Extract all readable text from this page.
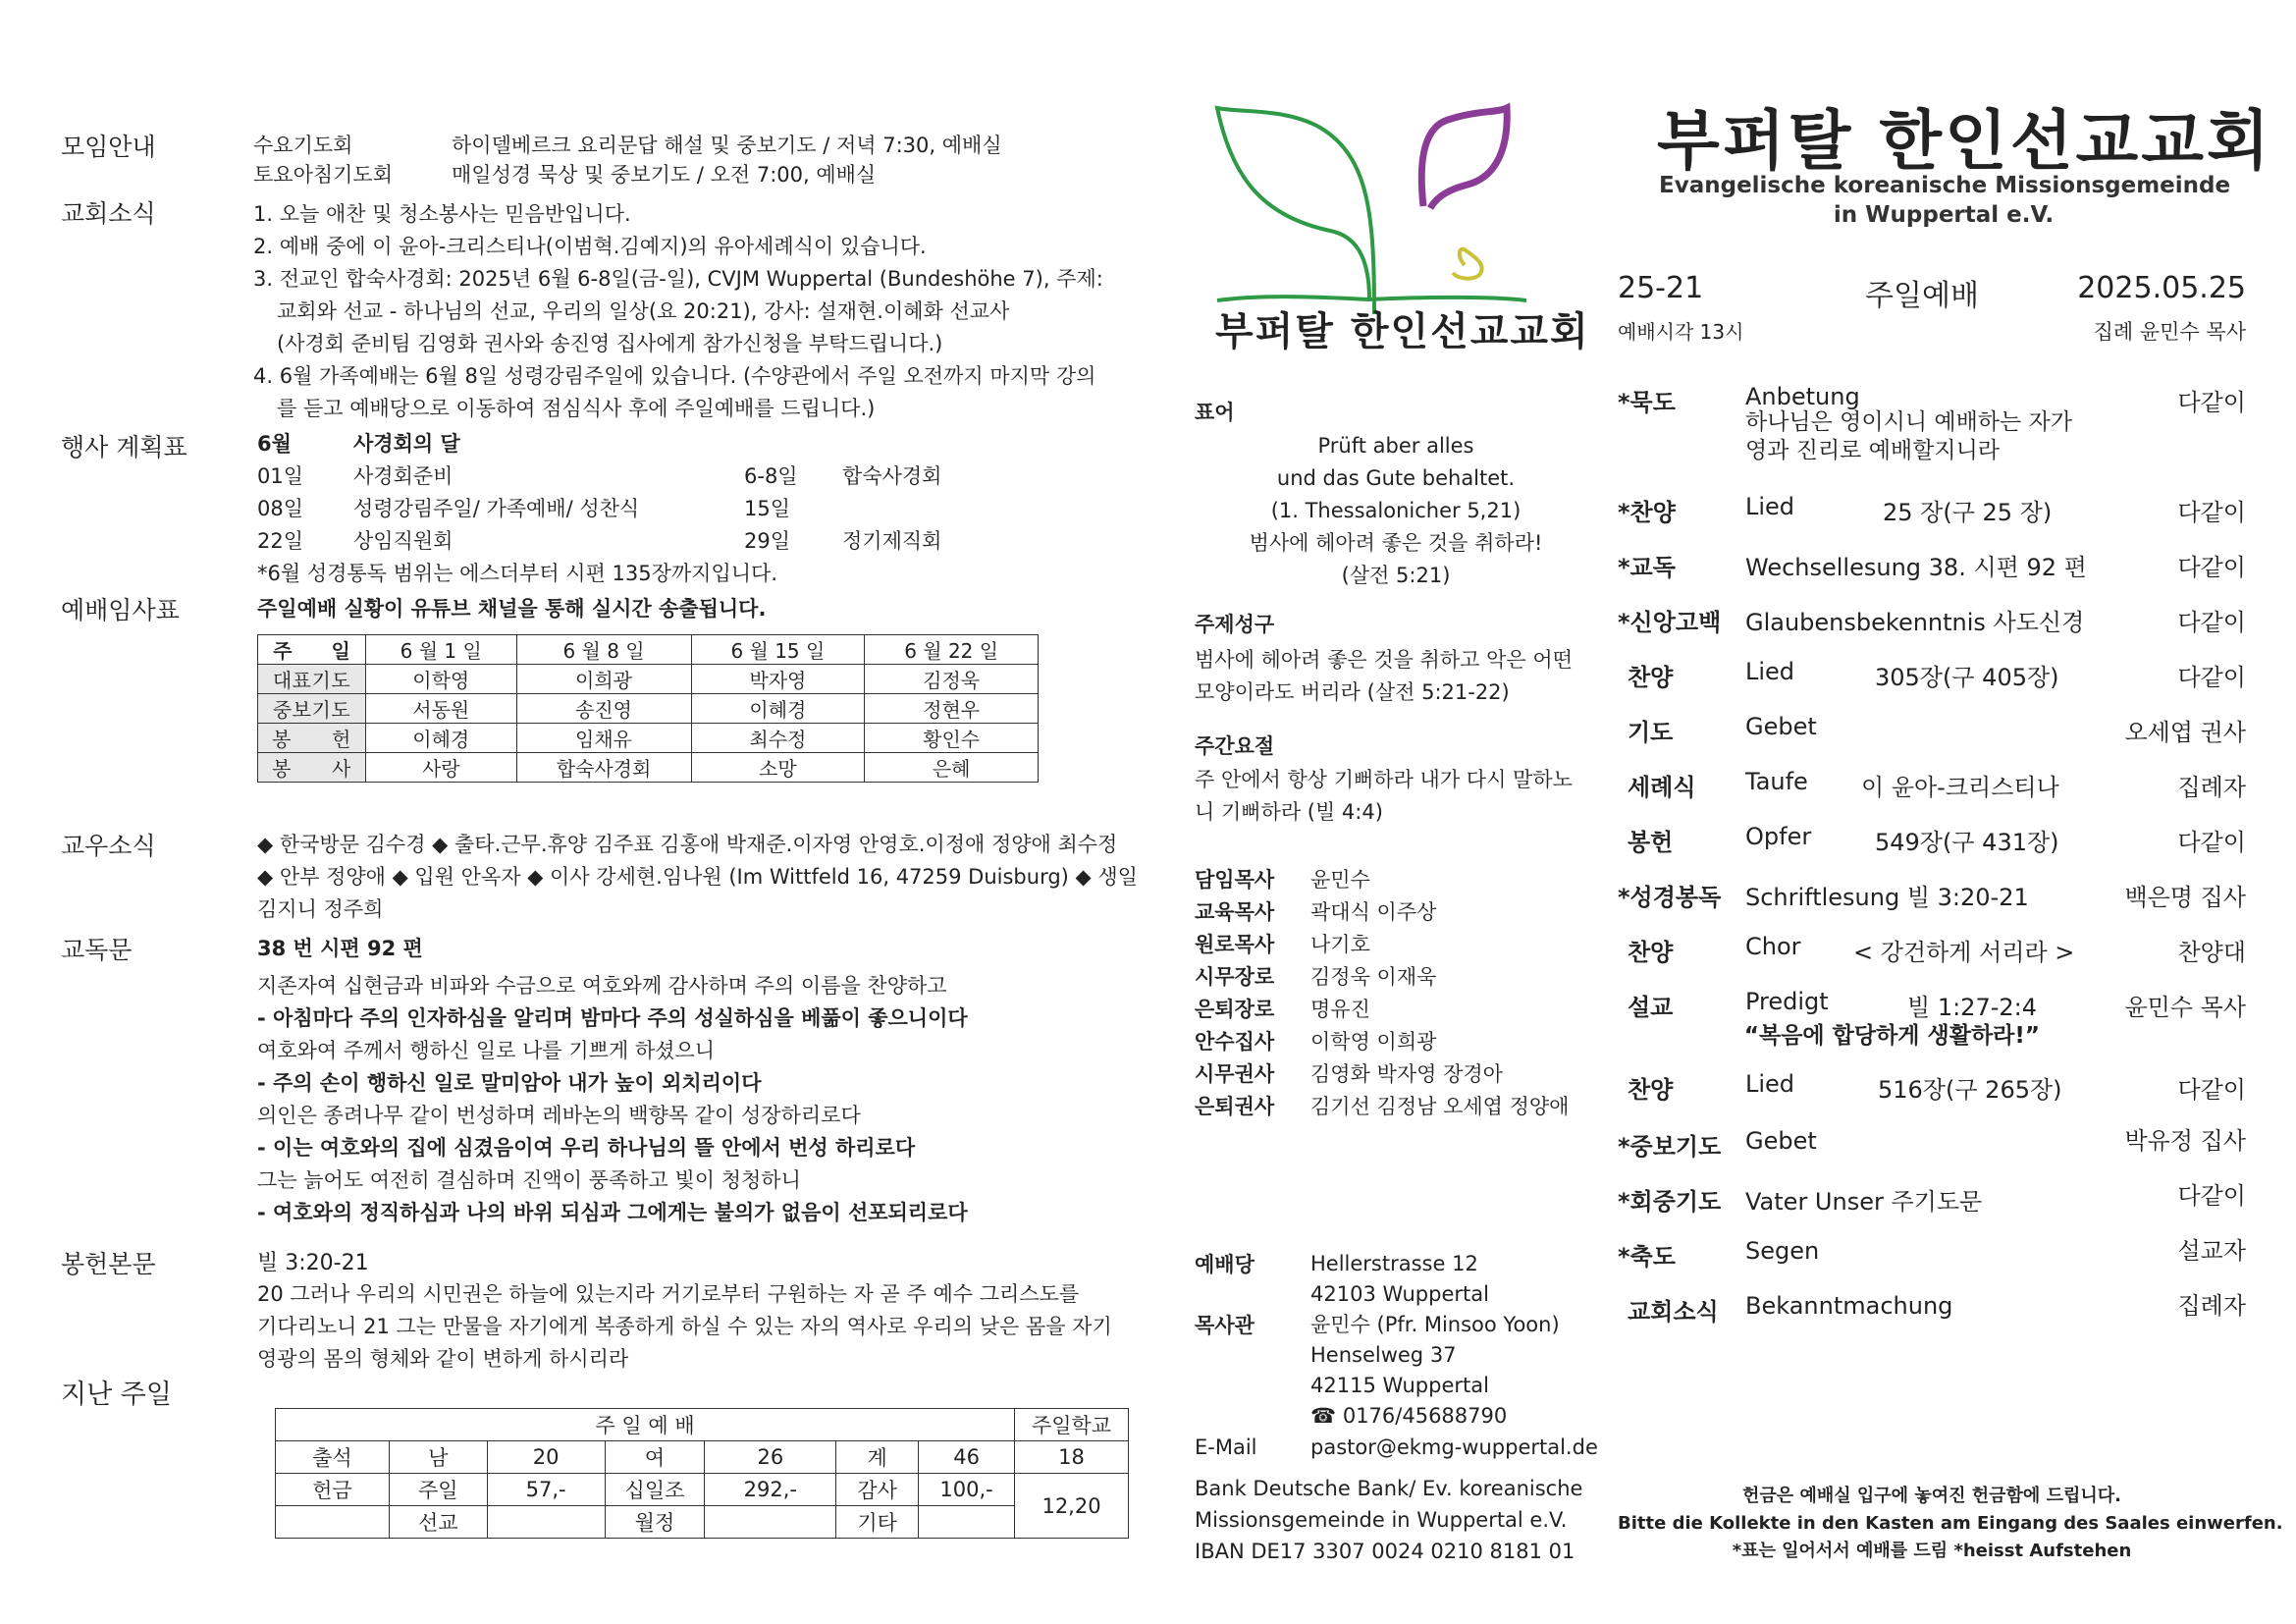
모임안내	수요기도회	하이델베르크 요리문답 해설 및 중보기도 / 저녁 7:30, 예배실
토요아침기도회	매일성경 묵상 및 중보기도 / 오전 7:00, 예배실
교회소식	1. 오늘 애찬 및 청소봉사는 믿음반입니다.
2. 예배 중에 이 윤아-크리스티나(이범혁.김예지)의 유아세례식이 있습니다.
3. 전교인 합숙사경회: 2025년 6월 6-8일(금-일), CVJM Wuppertal (Bundeshöhe 7), 주제:
교회와 선교 - 하나님의 선교, 우리의 일상(요 20:21), 강사: 설재현.이혜화 선교사
(사경회 준비팀 김영화 권사와 송진영 집사에게 참가신청을 부탁드립니다.)
4. 6월 가족예배는 6월 8일 성령강림주일에 있습니다. (수양관에서 주일 오전까지 마지막 강의
를 듣고 예배당으로 이동하여 점심식사 후에 주일예배를 드립니다.)
행사 계획표	6월	사경회의 달
01일 사경회준비	6-8일 합숙사경회
08일 성령강림주일/ 가족예배/ 성찬식	15일
22일 상임직원회	29일	정기제직회
*6월 성경통독 범위는 에스더부터 시편 135장까지입니다.
예배임사표	주일예배 실황이 유튜브 채널을 통해 실시간 송출됩니다.
주　　일	6 월 1 일	6 월 8 일	6 월 15 일	6 월 22 일
대표기도	이학영	이희광	박자영	김정욱
중보기도	서동원	송진영	이혜경	정현우
봉　　헌	이혜경	임채유	최수정	황인수
봉　　사	사랑	합숙사경회	소망	은혜
교우소식	◆ 한국방문 김수경 ◆ 출타.근무.휴양 김주표 김홍애 박재준.이자영 안영호.이정애 정양애 최수정
◆ 안부 정양애 ◆ 입원 안옥자 ◆ 이사 강세현.임나원 (Im Wittfeld 16, 47259 Duisburg) ◆ 생일
김지니 정주희
교독문	38 번 시편 92 편
지존자여 십현금과 비파와 수금으로 여호와께 감사하며 주의 이름을 찬양하고
- 아침마다 주의 인자하심을 알리며 밤마다 주의 성실하심을 베풂이 좋으니이다
여호와여 주께서 행하신 일로 나를 기쁘게 하셨으니
- 주의 손이 행하신 일로 말미암아 내가 높이 외치리이다
의인은 종려나무 같이 번성하며 레바논의 백향목 같이 성장하리로다
- 이는 여호와의 집에 심겼음이여 우리 하나님의 뜰 안에서 번성 하리로다
그는 늙어도 여전히 결심하며 진액이 풍족하고 빛이 청청하니
- 여호와의 정직하심과 나의 바위 되심과 그에게는 불의가 없음이 선포되리로다
봉헌본문	빌 3:20-21
20 그러나 우리의 시민권은 하늘에 있는지라 거기로부터 구원하는 자 곧 주 예수 그리스도를
기다리노니 21 그는 만물을 자기에게 복종하게 하실 수 있는 자의 역사로 우리의 낮은 몸을 자기
영광의 몸의 형체와 같이 변하게 하시리라
지난 주일
주 일 예 배							주일학교
출석	남	20	여	26	계	46	18
헌금	주일	57,-	십일조	292,-	감사	100,-	12,20
	선교		월정		기타		
부퍼탈 한인선교교회
표어
Prüft aber alles
und das Gute behaltet.
(1. Thessalonicher 5,21)
범사에 헤아려 좋은 것을 취하라!
(살전 5:21)
주제성구
범사에 헤아려 좋은 것을 취하고 악은 어떤
모양이라도 버리라 (살전 5:21-22)
주간요절
주 안에서 항상 기뻐하라 내가 다시 말하노
니 기뻐하라 (빌 4:4)
담임목사 윤민수
교육목사 곽대식 이주상
원로목사 나기호
시무장로 김정욱 이재욱
은퇴장로 명유진
안수집사 이학영 이희광
시무권사 김영화 박자영 장경아
은퇴권사 김기선 김정남 오세엽 정양애
예배당	Hellerstrasse 12
42103 Wuppertal
목사관	윤민수 (Pfr. Minsoo Yoon)
Henselweg 37
42115 Wuppertal
☎ 0176/45688790
E-Mail	pastor@ekmg-wuppertal.de
Bank Deutsche Bank/ Ev. koreanische
Missionsgemeinde in Wuppertal e.V.
IBAN DE17 3307 0024 0210 8181 01
부퍼탈 한인선교교회
Evangelische koreanische Missionsgemeinde
in Wuppertal e.V.
25-21	주일예배	2025.05.25
예배시각 13시	집례 윤민수 목사
*묵도	Anbetung	다같이
하나님은 영이시니 예배하는 자가
영과 진리로 예배할지니라
*찬양	Lied	25 장(구 25 장)	다같이
*교독	Wechsellesung 38. 시편 92 편	다같이
*신앙고백 Glaubensbekenntnis 사도신경	다같이
찬양	Lied	305장(구 405장)	다같이
기도	Gebet	오세엽 권사
세례식 Taufe 이 윤아-크리스티나	집례자
봉헌	Opfer	549장(구 431장)	다같이
*성경봉독 Schriftlesung 빌 3:20-21	백은명 집사
찬양	Chor < 강건하게 서리라 >	찬양대
설교	Predigt	빌 1:27-2:4	윤민수 목사
“복음에 합당하게 생활하라!”
찬양	Lied	516장(구 265장)	다같이
*중보기도 Gebet	박유정 집사
*회중기도 Vater Unser 주기도문	다같이
*축도	Segen	설교자
교회소식 Bekanntmachung	집례자
헌금은 예배실 입구에 놓여진 헌금함에 드립니다.
Bitte die Kollekte in den Kasten am Eingang des Saales einwerfen.
*표는 일어서서 예배를 드림 *heisst Aufstehen
